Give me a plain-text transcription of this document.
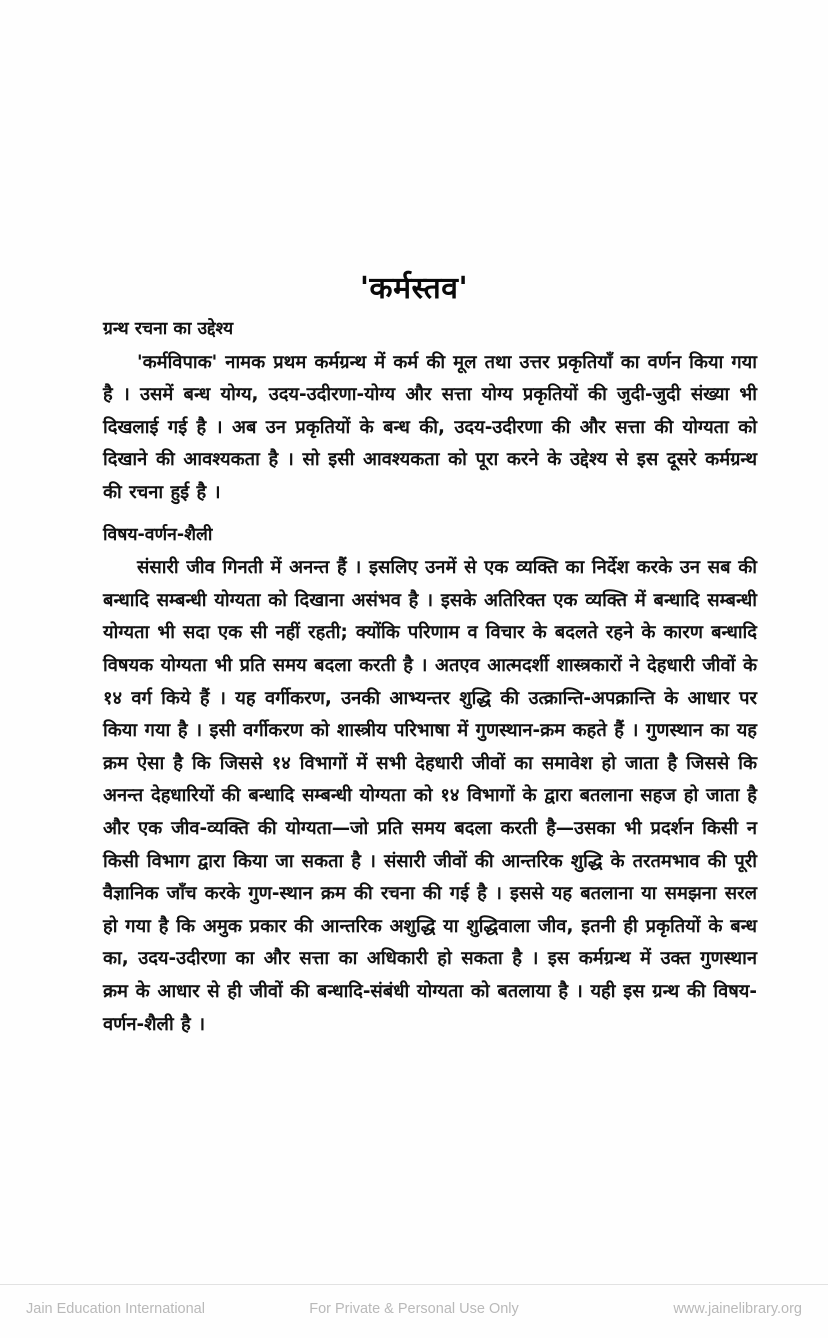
'कर्मस्तव'
ग्रन्थ रचना का उद्देश्य

'कर्मविपाक' नामक प्रथम कर्मग्रन्थ में कर्म की मूल तथा उत्तर प्रकृतियाँ का वर्णन किया गया है । उसमें बन्ध योग्य, उदय-उदीरणा-योग्य और सत्ता योग्य प्रकृतियों की जुदी-जुदी संख्या भी दिखलाई गई है । अब उन प्रकृतियों के बन्ध की, उदय-उदीरणा की और सत्ता की योग्यता को दिखाने की आवश्यकता है । सो इसी आवश्यकता को पूरा करने के उद्देश्य से इस दूसरे कर्मग्रन्थ की रचना हुई है ।

विषय-वर्णन-शैली

संसारी जीव गिनती में अनन्त हैं । इसलिए उनमें से एक व्यक्ति का निर्देश करके उन सब की बन्धादि सम्बन्धी योग्यता को दिखाना असंभव है । इसके अतिरिक्त एक व्यक्ति में बन्धादि सम्बन्धी योग्यता भी सदा एक सी नहीं रहती; क्योंकि परिणाम व विचार के बदलते रहने के कारण बन्धादि विषयक योग्यता भी प्रति समय बदला करती है । अतएव आत्मदर्शी शास्त्रकारों ने देहधारी जीवों के १४ वर्ग किये हैं । यह वर्गीकरण, उनकी आभ्यन्तर शुद्धि की उत्क्रान्ति-अपक्रान्ति के आधार पर किया गया है । इसी वर्गीकरण को शास्त्रीय परिभाषा में गुणस्थान-क्रम कहते हैं । गुणस्थान का यह क्रम ऐसा है कि जिससे १४ विभागों में सभी देहधारी जीवों का समावेश हो जाता है जिससे कि अनन्त देहधारियों की बन्धादि सम्बन्धी योग्यता को १४ विभागों के द्वारा बतलाना सहज हो जाता है और एक जीव-व्यक्ति की योग्यता—जो प्रति समय बदला करती है—उसका भी प्रदर्शन किसी न किसी विभाग द्वारा किया जा सकता है । संसारी जीवों की आन्तरिक शुद्धि के तरतमभाव की पूरी वैज्ञानिक जाँच करके गुण-स्थान क्रम की रचना की गई है । इससे यह बतलाना या समझना सरल हो गया है कि अमुक प्रकार की आन्तरिक अशुद्धि या शुद्धिवाला जीव, इतनी ही प्रकृतियों के बन्ध का, उदय-उदीरणा का और सत्ता का अधिकारी हो सकता है । इस कर्मग्रन्थ में उक्त गुणस्थान क्रम के आधार से ही जीवों की बन्धादि-संबंधी योग्यता को बतलाया है । यही इस ग्रन्थ की विषय-वर्णन-शैली है ।

Jain Education International	For Private & Personal Use Only	www.jainelibrary.org
